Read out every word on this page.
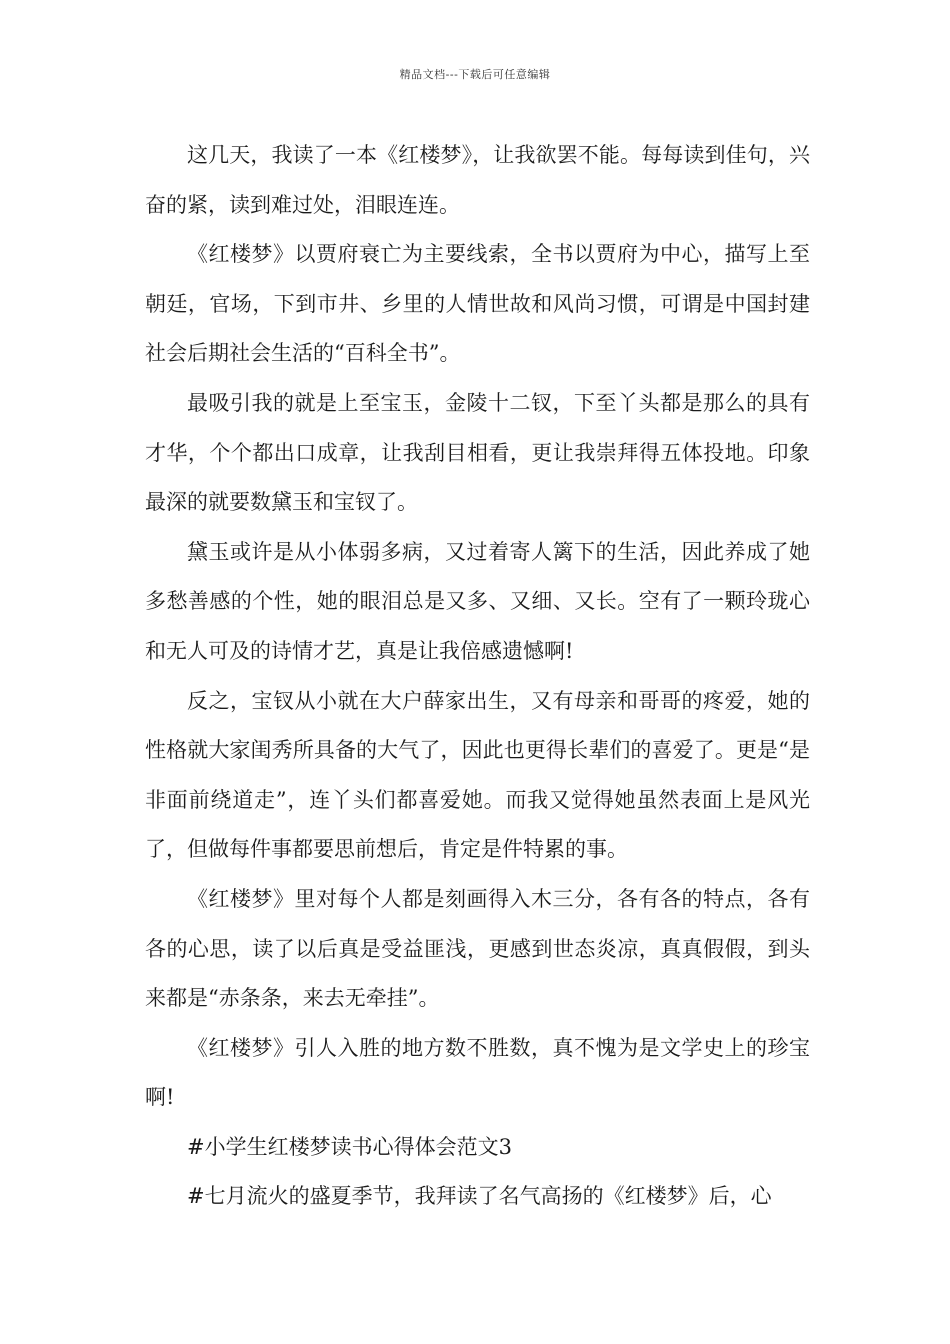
精品文档---下载后可任意编辑

这几天，我读了一本《红楼梦》，让我欲罢不能。每每读到佳句，兴奋的紧，读到难过处，泪眼连连。

《红楼梦》以贾府衰亡为主要线索，全书以贾府为中心，描写上至朝廷，官场，下到市井、乡里的人情世故和风尚习惯，可谓是中国封建社会后期社会生活的“百科全书”。

最吸引我的就是上至宝玉，金陵十二钗，下至丫头都是那么的具有才华，个个都出口成章，让我刮目相看，更让我崇拜得五体投地。印象最深的就要数黛玉和宝钗了。

黛玉或许是从小体弱多病，又过着寄人篱下的生活，因此养成了她多愁善感的个性，她的眼泪总是又多、又细、又长。空有了一颗玲珑心和无人可及的诗情才艺，真是让我倍感遗憾啊!

反之，宝钗从小就在大户薛家出生，又有母亲和哥哥的疼爱，她的性格就大家闺秀所具备的大气了，因此也更得长辈们的喜爱了。更是“是非面前绕道走”，连丫头们都喜爱她。而我又觉得她虽然表面上是风光了，但做每件事都要思前想后，肯定是件特累的事。

《红楼梦》里对每个人都是刻画得入木三分，各有各的特点，各有各的心思，读了以后真是受益匪浅，更感到世态炎凉，真真假假，到头来都是“赤条条，来去无牵挂”。

《红楼梦》引人入胜的地方数不胜数，真不愧为是文学史上的珍宝啊!

#小学生红楼梦读书心得体会范文3

#七月流火的盛夏季节，我拜读了名气高扬的《红楼梦》后，心
